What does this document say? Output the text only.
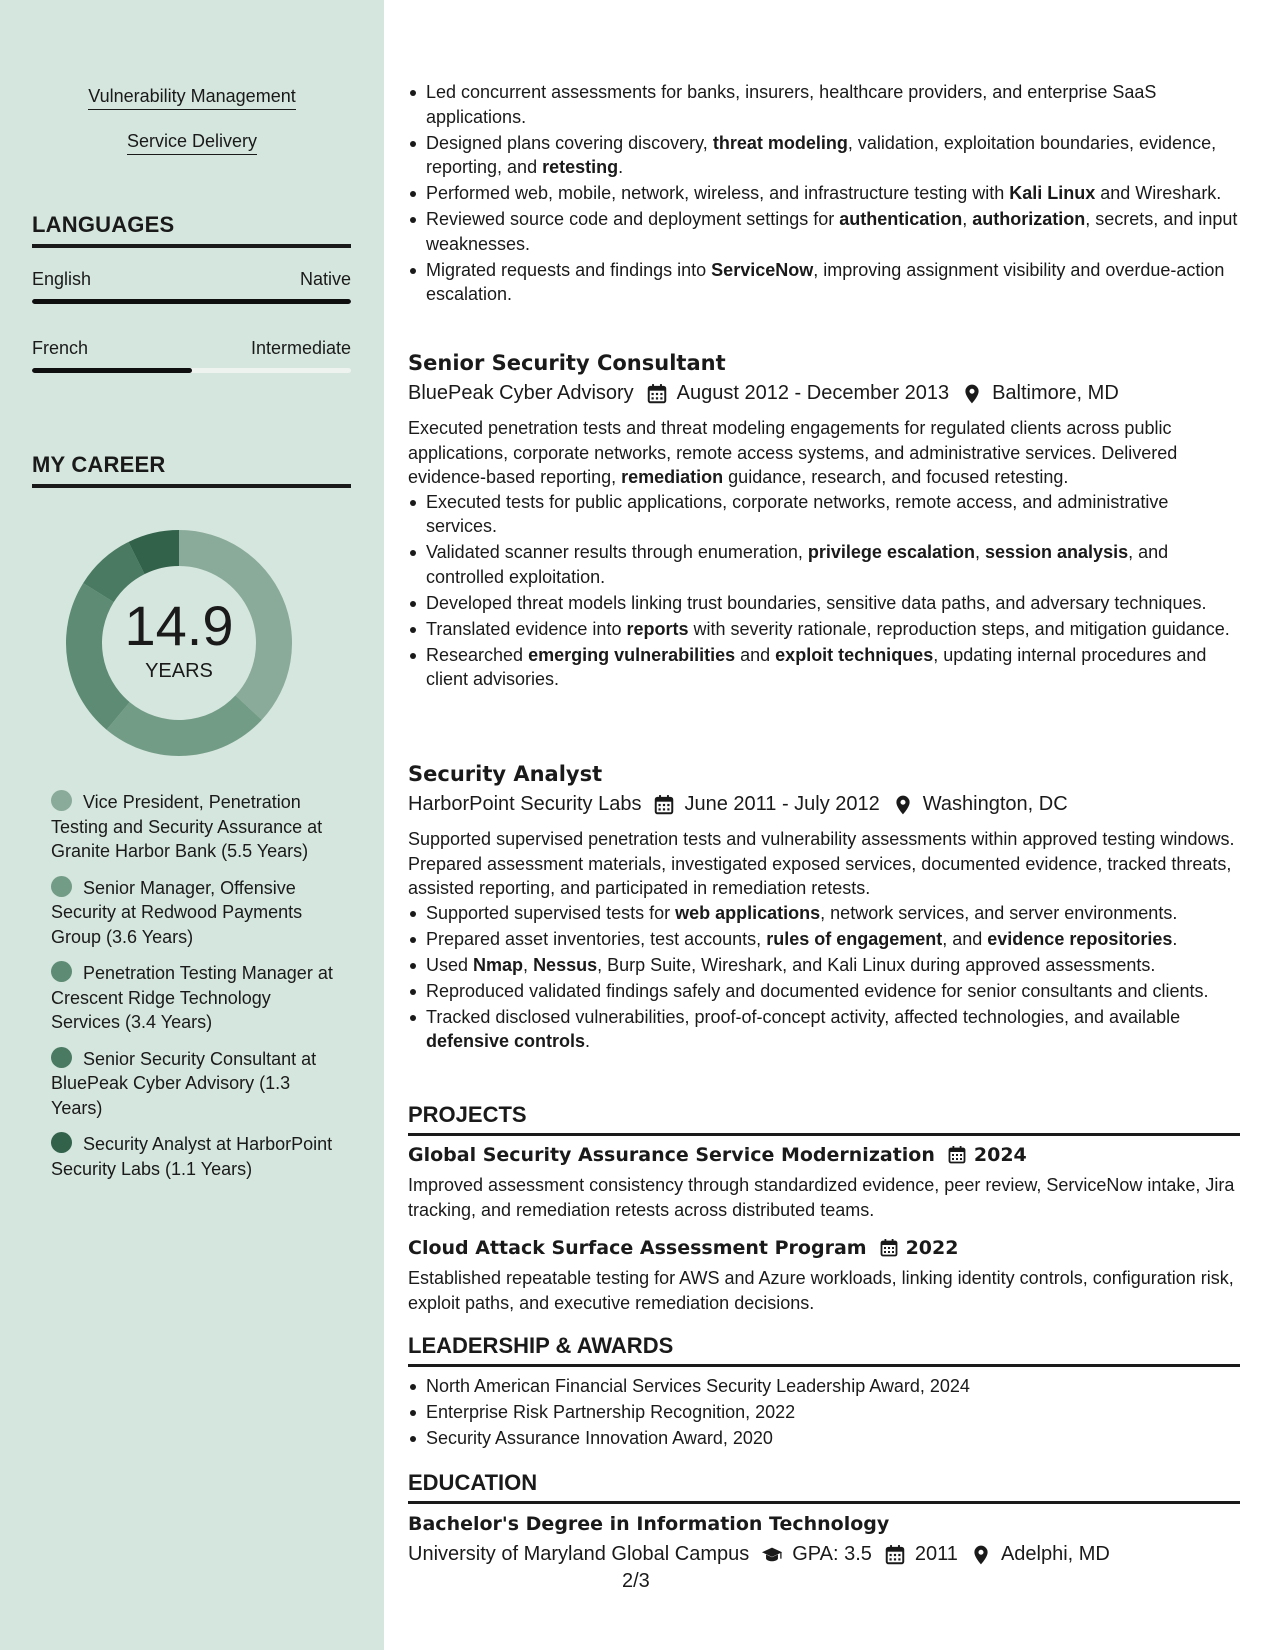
Vulnerability Management
Service Delivery
LANGUAGES
English	Native
French	Intermediate
MY CAREER
14.9
YEARS
Vice President, Penetration Testing and Security Assurance at Granite Harbor Bank (5.5 Years)
Senior Manager, Offensive Security at Redwood Payments Group (3.6 Years)
Penetration Testing Manager at Crescent Ridge Technology Services (3.4 Years)
Senior Security Consultant at BluePeak Cyber Advisory (1.3 Years)
Security Analyst at HarborPoint Security Labs (1.1 Years)
Led concurrent assessments for banks, insurers, healthcare providers, and enterprise SaaS applications.
Designed plans covering discovery, threat modeling, validation, exploitation boundaries, evidence, reporting, and retesting.
Performed web, mobile, network, wireless, and infrastructure testing with Kali Linux and Wireshark.
Reviewed source code and deployment settings for authentication, authorization, secrets, and input weaknesses.
Migrated requests and findings into ServiceNow, improving assignment visibility and overdue-action escalation.
Senior Security Consultant
BluePeak Cyber Advisory August 2012 - December 2013 Baltimore, MD

Executed penetration tests and threat modeling engagements for regulated clients across public applications, corporate networks, remote access systems, and administrative services. Delivered evidence-based reporting, remediation guidance, research, and focused retesting.

Executed tests for public applications, corporate networks, remote access, and administrative services.
Validated scanner results through enumeration, privilege escalation, session analysis, and controlled exploitation.
Developed threat models linking trust boundaries, sensitive data paths, and adversary techniques.
Translated evidence into reports with severity rationale, reproduction steps, and mitigation guidance.
Researched emerging vulnerabilities and exploit techniques, updating internal procedures and client advisories.
Security Analyst
HarborPoint Security Labs June 2011 - July 2012 Washington, DC

Supported supervised penetration tests and vulnerability assessments within approved testing windows. Prepared assessment materials, investigated exposed services, documented evidence, tracked threats, assisted reporting, and participated in remediation retests.

Supported supervised tests for web applications, network services, and server environments.
Prepared asset inventories, test accounts, rules of engagement, and evidence repositories.
Used Nmap, Nessus, Burp Suite, Wireshark, and Kali Linux during approved assessments.
Reproduced validated findings safely and documented evidence for senior consultants and clients.
Tracked disclosed vulnerabilities, proof-of-concept activity, affected technologies, and available defensive controls.
PROJECTS
Global Security Assurance Service Modernization 2024
Improved assessment consistency through standardized evidence, peer review, ServiceNow intake, Jira tracking, and remediation retests across distributed teams.
Cloud Attack Surface Assessment Program 2022
Established repeatable testing for AWS and Azure workloads, linking identity controls, configuration risk, exploit paths, and executive remediation decisions.
LEADERSHIP & AWARDS
North American Financial Services Security Leadership Award, 2024
Enterprise Risk Partnership Recognition, 2022
Security Assurance Innovation Award, 2020
EDUCATION
Bachelor's Degree in Information Technology
University of Maryland Global Campus GPA: 3.5 2011 Adelphi, MD
2/3
